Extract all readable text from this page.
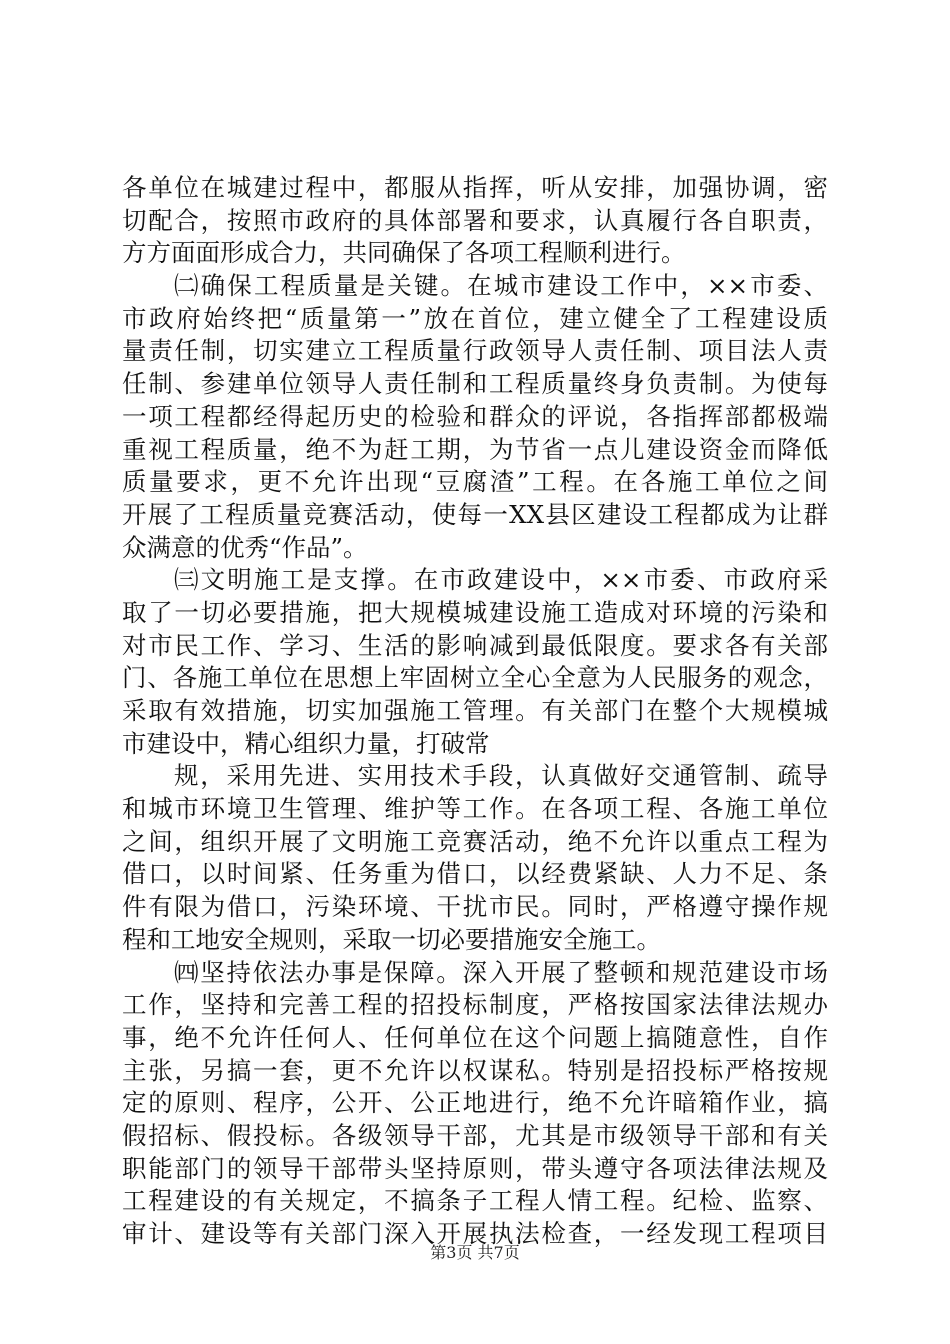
各单位在城建过程中，都服从指挥，听从安排，加强协调，密
切配合，按照市政府的具体部署和要求，认真履行各自职责，
方方面面形成合力，共同确保了各项工程顺利进行。
㈡确保工程质量是关键。在城市建设工作中，××市委、
市政府始终把“质量第一”放在首位，建立健全了工程建设质
量责任制，切实建立工程质量行政领导人责任制、项目法人责
任制、参建单位领导人责任制和工程质量终身负责制。为使每
一项工程都经得起历史的检验和群众的评说，各指挥部都极端
重视工程质量，绝不为赶工期，为节省一点儿建设资金而降低
质量要求，更不允许出现“豆腐渣”工程。在各施工单位之间
开展了工程质量竞赛活动，使每一XX县区建设工程都成为让群
众满意的优秀“作品”。
㈢文明施工是支撑。在市政建设中，××市委、市政府采
取了一切必要措施，把大规模城建设施工造成对环境的污染和
对市民工作、学习、生活的影响减到最低限度。要求各有关部
门、各施工单位在思想上牢固树立全心全意为人民服务的观念，
采取有效措施，切实加强施工管理。有关部门在整个大规模城
市建设中，精心组织力量，打破常
规，采用先进、实用技术手段，认真做好交通管制、疏导
和城市环境卫生管理、维护等工作。在各项工程、各施工单位
之间，组织开展了文明施工竞赛活动，绝不允许以重点工程为
借口，以时间紧、任务重为借口，以经费紧缺、人力不足、条
件有限为借口，污染环境、干扰市民。同时，严格遵守操作规
程和工地安全规则，采取一切必要措施安全施工。
㈣坚持依法办事是保障。深入开展了整顿和规范建设市场
工作，坚持和完善工程的招投标制度，严格按国家法律法规办
事，绝不允许任何人、任何单位在这个问题上搞随意性，自作
主张，另搞一套，更不允许以权谋私。特别是招投标严格按规
定的原则、程序，公开、公正地进行，绝不允许暗箱作业，搞
假招标、假投标。各级领导干部，尤其是市级领导干部和有关
职能部门的领导干部带头坚持原则，带头遵守各项法律法规及
工程建设的有关规定，不搞条子工程人情工程。纪检、监察、
审计、建设等有关部门深入开展执法检查，一经发现工程项目
第3页 共7页
